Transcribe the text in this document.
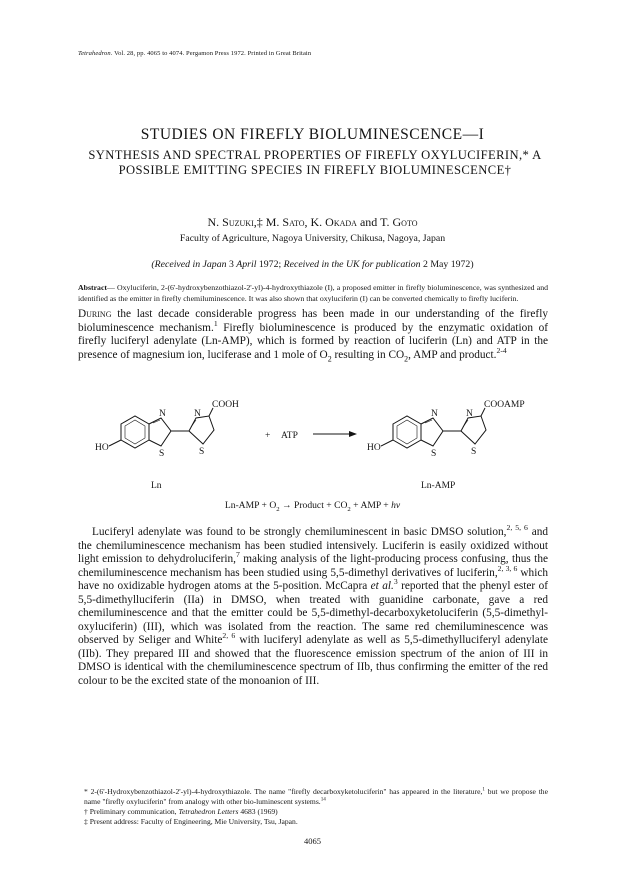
Tetrahedron. Vol. 28, pp. 4065 to 4074. Pergamon Press 1972. Printed in Great Britain
STUDIES ON FIREFLY BIOLUMINESCENCE—I
SYNTHESIS AND SPECTRAL PROPERTIES OF FIREFLY OXYLUCIFERIN,* A POSSIBLE EMITTING SPECIES IN FIREFLY BIOLUMINESCENCE†
N. Suzuki,‡ M. Sato, K. Okada and T. Goto
Faculty of Agriculture, Nagoya University, Chikusa, Nagoya, Japan
(Received in Japan 3 April 1972; Received in the UK for publication 2 May 1972)
Abstract— Oxyluciferin, 2-(6'-hydroxybenzothiazol-2'-yl)-4-hydroxythiazole (I), a proposed emitter in firefly bioluminescence, was synthesized and identified as the emitter in firefly chemiluminescence. It was also shown that oxyluciferin (I) can be converted chemically to firefly luciferin.
During the last decade considerable progress has been made in our understanding of the firefly bioluminescence mechanism.$^1$ Firefly bioluminescence is produced by the enzymatic oxidation of firefly luciferyl adenylate (Ln-AMP), which is formed by reaction of luciferin (Ln) and ATP in the presence of magnesium ion, luciferase and 1 mole of $O_2$ resulting in $CO_2$, AMP and product.$^{2-4}$
HO
N	N
S	S
COOH
+ ATP
HO
N	N
S	S
COOAMP
Ln	Ln-AMP
$Ln-AMP + O_2$ → Product + $CO_2$ + AMP + hν
Luciferyl adenylate was found to be strongly chemiluminescent in basic DMSO solution,$^{2, 5, 6}$ and the chemiluminescence mechanism has been studied intensively. Luciferin is easily oxidized without light emission to dehydroluciferin,$^7$ making analysis of the light-producing process confusing, thus the chemiluminescence mechanism has been studied using 5,5-dimethyl derivatives of luciferin,$^{2, 3, 6}$ which have no oxidizable hydrogen atoms at the 5-position. McCapra et al.$^3$ reported that the phenyl ester of 5,5-dimethylluciferin (IIa) in DMSO, when treated with guanidine carbonate, gave a red chemiluminescence and that the emitter could be 5,5-dimethyl-decarboxyketoluciferin (5,5-dimethyl-oxyluciferin) (III), which was isolated from the reaction. The same red chemiluminescence was observed by Seliger and White$^{2, 6}$ with luciferyl adenylate as well as 5,5-dimethylluciferyl adenylate (IIb). They prepared III and showed that the fluorescence emission spectrum of the anion of III in DMSO is identical with the chemiluminescence spectrum of IIb, thus confirming the emitter of the red colour to be the excited state of the monoanion of III.
* 2-(6'-Hydroxybenzothiazol-2'-yl)-4-hydroxythiazole. The name "firefly decarboxyketoluciferin" has appeared in the literature,$^1$ but we propose the name "firefly oxyluciferin" from analogy with other bio-luminescent systems.$^{14}$
† Preliminary communication, Tetrahedron Letters 4683 (1969)
‡ Present address: Faculty of Engineering, Mie University, Tsu, Japan.
4065
